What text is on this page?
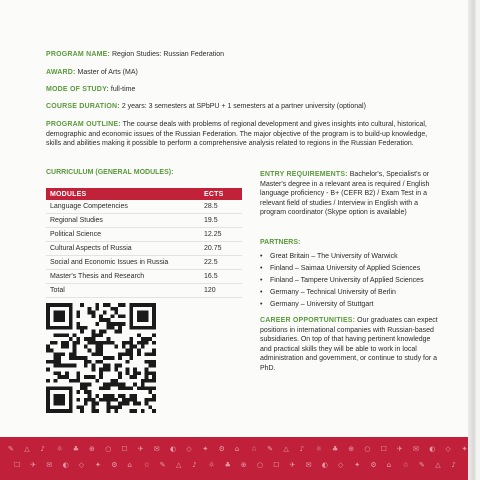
PROGRAM NAME: Region Studies: Russian Federation
AWARD: Master of Arts (MA)
MODE OF STUDY: full-time
COURSE DURATION: 2 years: 3 semesters at SPbPU + 1 semesters at a partner university (optional)
PROGRAM OUTLINE: The course deals with problems of regional development and gives insights into cultural, historical, demographic and economic issues of the Russian Federation. The major objective of the program is to build-up knowledge, skills and abilities making it possible to perform a comprehensive analysis related to regions in the Russian Federation.
CURRICULUM (GENERAL MODULES):
MODULES	ECTS
Language Competencies	28.5
Regional Studies	19.5
Political Science	12.25
Cultural Aspects of Russia	20.75
Social and Economic Issues in Russia	22.5
Master's Thesis and Research	16.5
Total	120
ENTRY REQUIREMENTS: Bachelor's, Specialist's or Master's degree in a relevant area is required / English language proficiency - B+ (CEFR B2) / Exam Test in a relevant field of studies / Interview in English with a program coordinator (Skype option is available)
PARTNERS:
• Great Britain – The University of Warwick
• Finland – Saimaa University of Applied Sciences
• Finland – Tampere University of Applied Sciences
• Germany – Technical University of Berlin
• Germany – University of Stuttgart
CAREER OPPORTUNITIES: Our graduates can expect positions in international companies with Russian-based subsidiaries. On top of that having pertinent knowledge and practical skills they will be able to work in local administration and government, or continue to study for a PhD.
✎ △ ♪ ☼ ♣ ⊕ ○ ☐ ✈ ✉ ◐ ◇ ✦ ⚙ ⌂ ☆ ✎ △ ♪ ☼ ♣ ⊕ ○ ☐ ✈ ✉ ◐ ◇ ✦
☐ ✈ ✉ ◐ ◇ ✦ ⚙ ⌂ ☆ ✎ △ ♪ ☼ ♣ ⊕ ○ ☐ ✈ ✉ ◐ ◇ ✦ ⚙ ⌂ ☆ ✎ △ ♪
